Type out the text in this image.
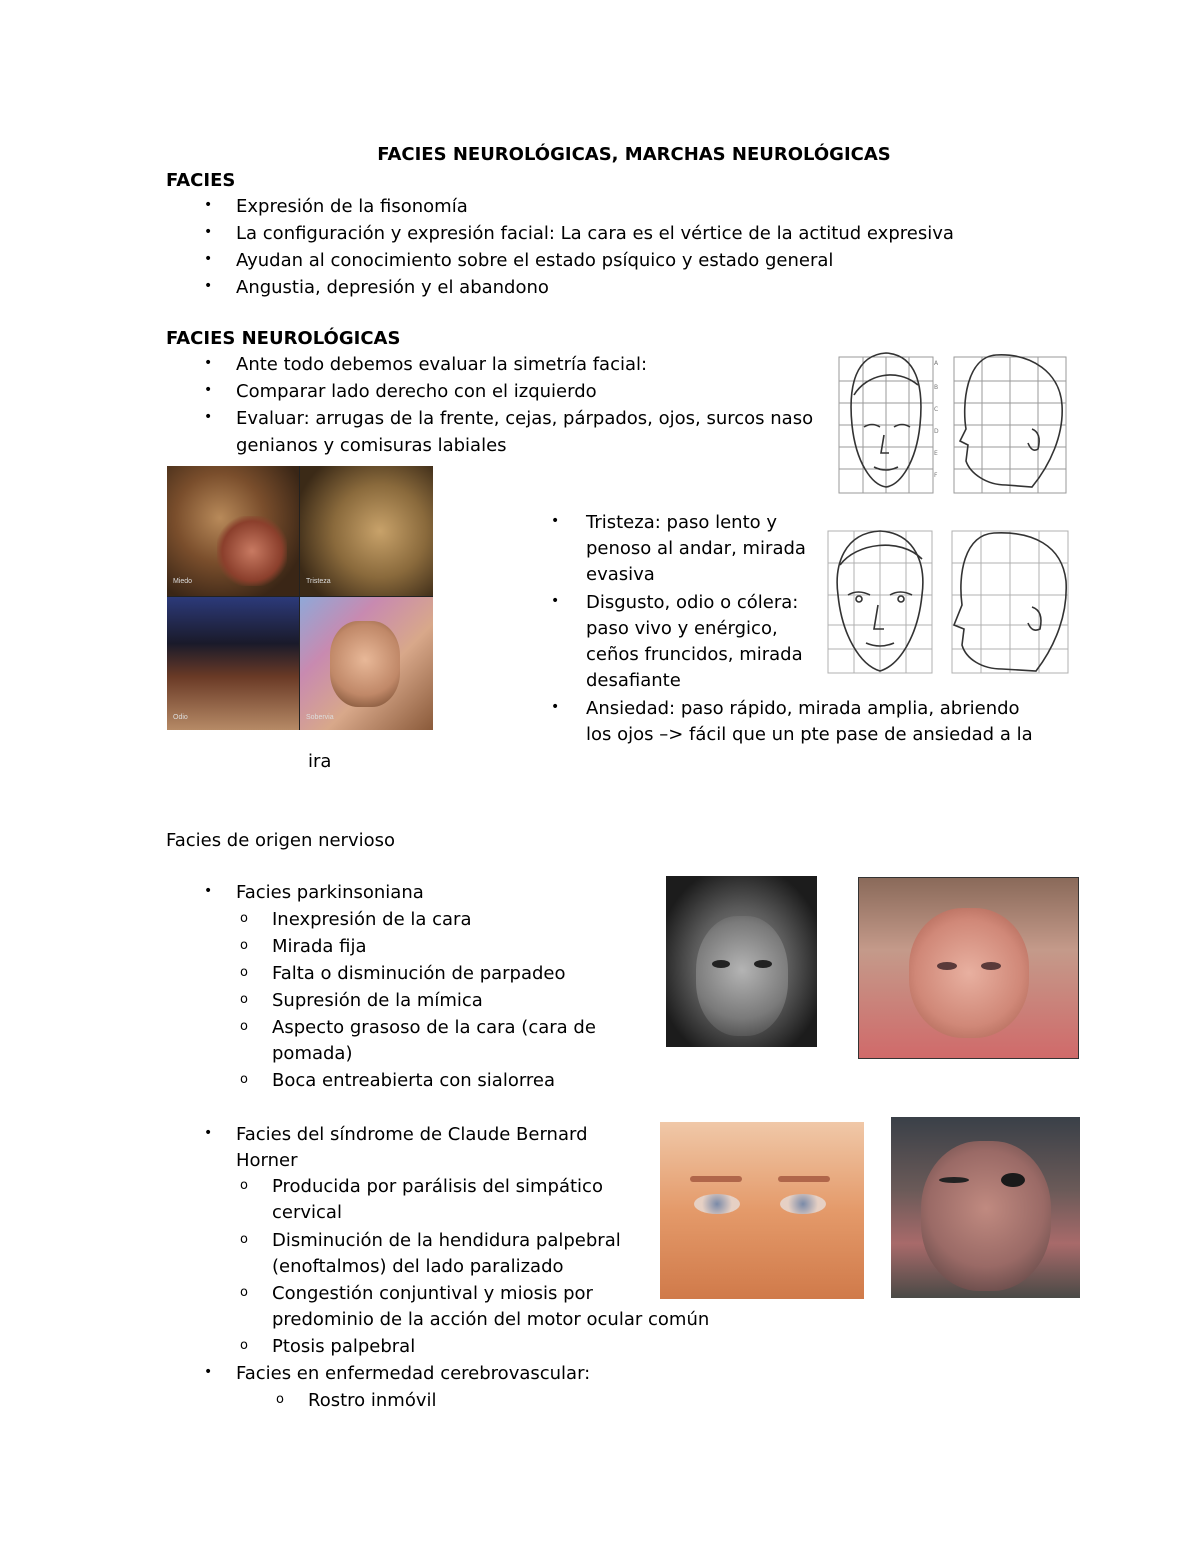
FACIES NEUROLÓGICAS, MARCHAS NEUROLÓGICAS
FACIES
• Expresión de la fisonomía
• La configuración y expresión facial: La cara es el vértice de la actitud expresiva
• Ayudan al conocimiento sobre el estado psíquico y estado general
• Angustia, depresión y el abandono
FACIES NEUROLÓGICAS
• Ante todo debemos evaluar la simetría facial:
• Comparar lado derecho con el izquierdo
• Evaluar: arrugas de la frente, cejas, párpados, ojos, surcos naso
genianos y comisuras labiales
A
B
C
D
E
F
Miedo	Tristeza
Odio	Sobervia
• Tristeza: paso lento y
penoso al andar, mirada
evasiva
• Disgusto, odio o cólera:
paso vivo y enérgico,
ceños fruncidos, mirada
desafiante
• Ansiedad: paso rápido, mirada amplia, abriendo
los ojos –> fácil que un pte pase de ansiedad a la
ira
Facies de origen nervioso
• Facies parkinsoniana
o Inexpresión de la cara
o Mirada fija
o Falta o disminución de parpadeo
o Supresión de la mímica
o Aspecto grasoso de la cara (cara de
pomada)
o Boca entreabierta con sialorrea
• Facies del síndrome de Claude Bernard
Horner
o Producida por parálisis del simpático
cervical
o Disminución de la hendidura palpebral
(enoftalmos) del lado paralizado
o Congestión conjuntival y miosis por
predominio de la acción del motor ocular común
o Ptosis palpebral
• Facies en enfermedad cerebrovascular:
o Rostro inmóvil
